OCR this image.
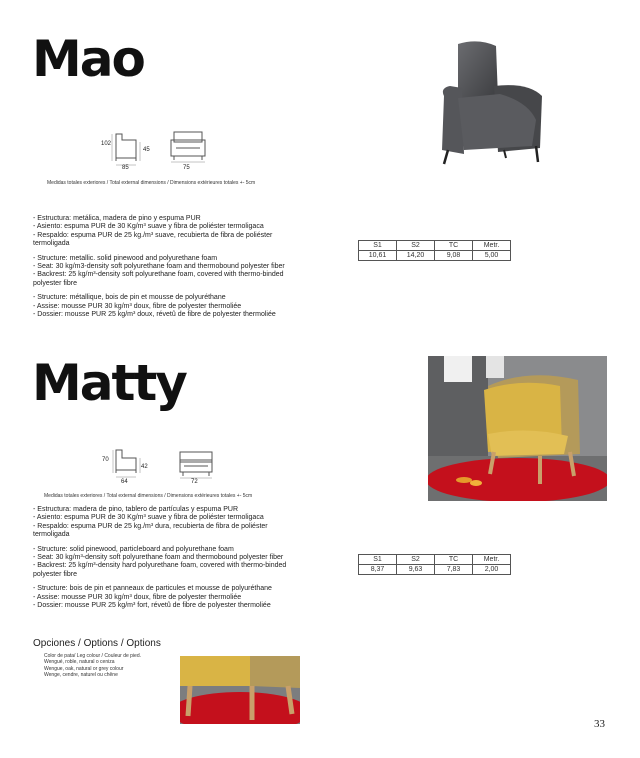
Mao
102
45
85	75
Medidas totales exteriores / Total external dimensions / Dimensions extérieures totales +- 5cm

- Estructura: metálica, madera de pino y espuma PUR

- Asiento: espuma PUR de 30 Kg/m³ suave y fibra de poliéster termoligaca

- Respaldo: espuma PUR de 25 kg./m³ suave, recubierta de fibra de poliéster termoligada

- Structure: metallic. solid pinewood and polyurethane foam

- Seat: 30 kg/m3-density soft polyurethane foam and thermobound polyester fiber

- Backrest: 25 kg/m³-density soft polyurethane foam, covered with thermo-binded polyester fibre

- Structure: métallique, bois de pin et mousse de polyuréthane

- Assise: mousse PUR 30 kg/m³ doux, fibre de polyester thermoliée

- Dossier: mousse PUR 25 kg/m³ doux, révetû de fibre de polyester thermoliée

S1	S2	TC	Metr.
10,61	14,20	9,08	5,00
Matty
70
42
64	72
Medidas totales exteriores / Total external dimensions / Dimensions extérieures totales +- 5cm

- Estructura: madera de pino, tablero de partículas y espuma PUR

- Asiento: espuma PUR de 30 Kg/m³ suave y fibra de poliéster termoligaca

- Respaldo: espuma PUR de 25 kg./m³ dura, recubierta de fibra de poliéster termoligada

- Structure: solid pinewood, particleboard and polyurethane foam

- Seat: 30 kg/m³-density soft polyurethane foam and thermobound polyester fiber

- Backrest: 25 kg/m³-density hard polyurethane foam, covered with thermo-binded polyester fibre

- Structure: bois de pin et panneaux de particules et mousse de polyuréthane

- Assise: mousse PUR 30 kg/m³ doux, fibre de polyester thermoliée

- Dossier: mousse PUR 25 kg/m³ fort, révetû de fibre de polyester thermoliée

S1	S2	TC	Metr.
8,37	9,63	7,83	2,00
Opciones / Options / Options
Color de pata/ Leg colour / Couleur de pied.
Wengué, roble, natural o ceniza
Wengue, oak, natural or grey colour
Wenge, cendre, naturel ou chêne
33
